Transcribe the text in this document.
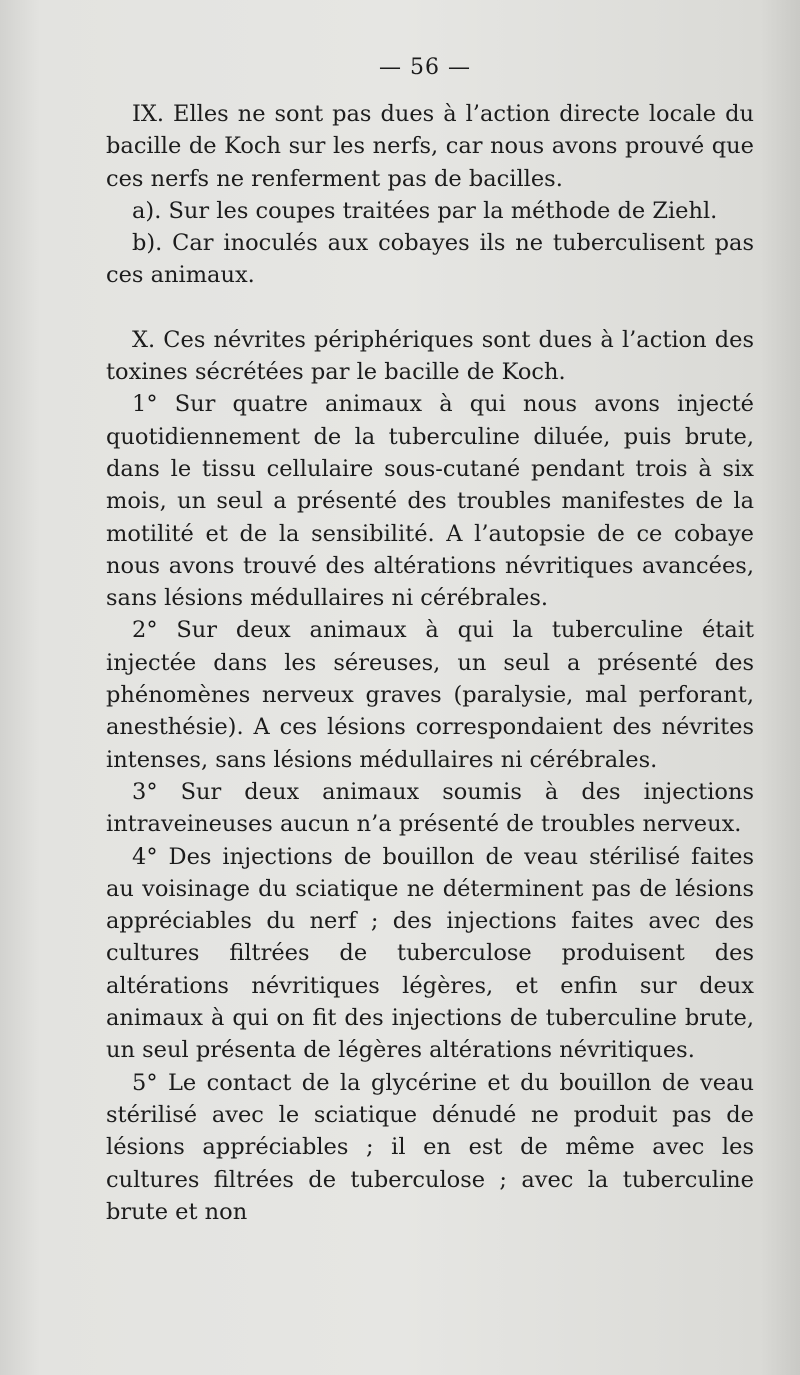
— 56 —

IX. Elles ne sont pas dues à l’action directe locale du bacille de Koch sur les nerfs, car nous avons prouvé que ces nerfs ne renferment pas de bacilles.

a). Sur les coupes traitées par la méthode de Ziehl.

b). Car inoculés aux cobayes ils ne tuberculisent pas ces animaux.

X. Ces névrites périphériques sont dues à l’action des toxines sécrétées par le bacille de Koch.

1° Sur quatre animaux à qui nous avons injecté quotidiennement de la tuberculine diluée, puis brute, dans le tissu cellulaire sous-cutané pendant trois à six mois, un seul a présenté des troubles manifestes de la motilité et de la sensibilité. A l’autopsie de ce cobaye nous avons trouvé des altérations névritiques avancées, sans lésions médullaires ni cérébrales.

2° Sur deux animaux à qui la tuberculine était injectée dans les séreuses, un seul a présenté des phénomènes nerveux graves (paralysie, mal perforant, anesthésie). A ces lésions correspondaient des névrites intenses, sans lésions médullaires ni cérébrales.

3° Sur deux animaux soumis à des injections intraveineuses aucun n’a présenté de troubles nerveux.

4° Des injections de bouillon de veau stérilisé faites au voisinage du sciatique ne déterminent pas de lésions appréciables du nerf ; des injections faites avec des cultures filtrées de tuberculose produisent des altérations névritiques légères, et enfin sur deux animaux à qui on fit des injections de tuberculine brute, un seul présenta de légères altérations névritiques.

5° Le contact de la glycérine et du bouillon de veau stérilisé avec le sciatique dénudé ne produit pas de lésions appréciables ; il en est de même avec les cultures filtrées de tuberculose ; avec la tuberculine brute et non
